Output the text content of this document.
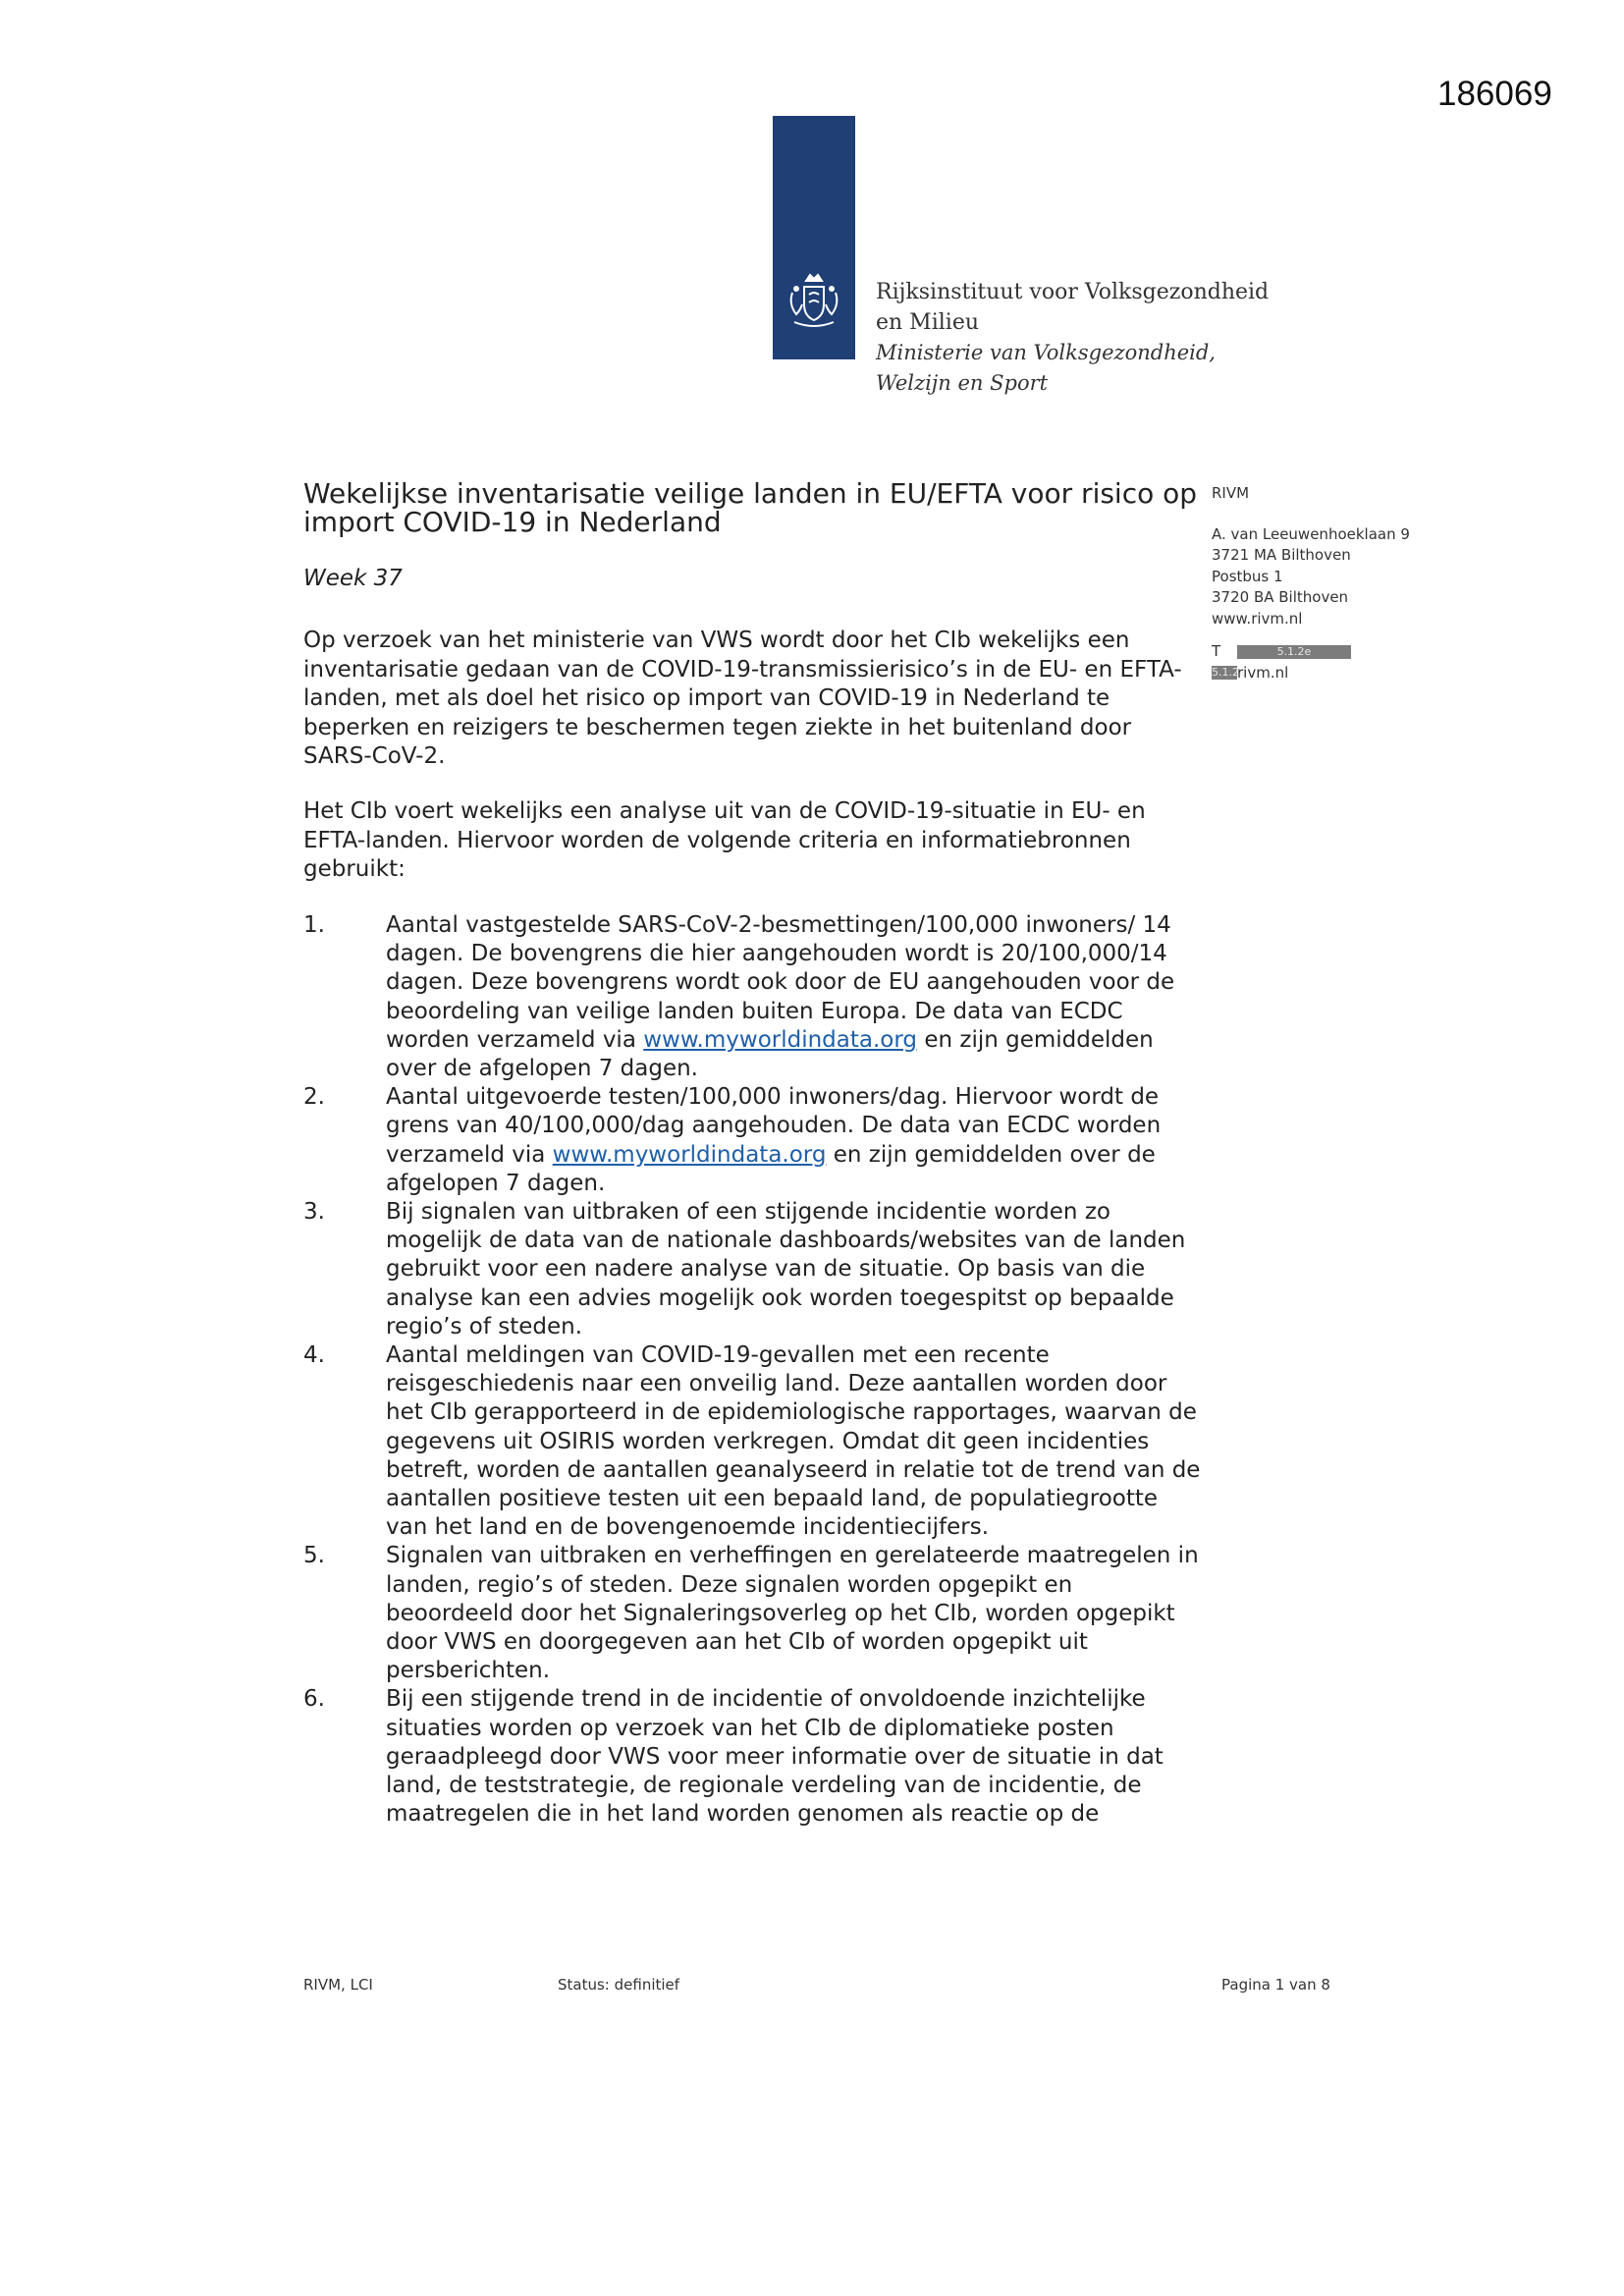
186069
Rijksinstituut voor Volksgezondheid
en Milieu
Ministerie van Volksgezondheid,
Welzijn en Sport
Wekelijkse inventarisatie veilige landen in EU/EFTA voor risico op import COVID-19 in Nederland
Week 37

Op verzoek van het ministerie van VWS wordt door het CIb wekelijks een inventarisatie gedaan van de COVID-19-transmissierisico’s in de EU- en EFTA-landen, met als doel het risico op import van COVID-19 in Nederland te beperken en reizigers te beschermen tegen ziekte in het buitenland door SARS-CoV-2.

Het CIb voert wekelijks een analyse uit van de COVID-19-situatie in EU- en EFTA-landen. Hiervoor worden de volgende criteria en informatiebronnen gebruikt:

1.	Aantal vastgestelde SARS-CoV-2-besmettingen/100,000 inwoners/ 14 dagen. De bovengrens die hier aangehouden wordt is 20/100,000/14 dagen. Deze bovengrens wordt ook door de EU aangehouden voor de beoordeling van veilige landen buiten Europa. De data van ECDC worden verzameld via www.myworldindata.org en zijn gemiddelden over de afgelopen 7 dagen.
2.	Aantal uitgevoerde testen/100,000 inwoners/dag. Hiervoor wordt de grens van 40/100,000/dag aangehouden. De data van ECDC worden verzameld via www.myworldindata.org en zijn gemiddelden over de afgelopen 7 dagen.
3.	Bij signalen van uitbraken of een stijgende incidentie worden zo mogelijk de data van de nationale dashboards/websites van de landen gebruikt voor een nadere analyse van de situatie. Op basis van die analyse kan een advies mogelijk ook worden toegespitst op bepaalde regio’s of steden.
4.	Aantal meldingen van COVID-19-gevallen met een recente reisgeschiedenis naar een onveilig land. Deze aantallen worden door het CIb gerapporteerd in de epidemiologische rapportages, waarvan de gegevens uit OSIRIS worden verkregen. Omdat dit geen incidenties betreft, worden de aantallen geanalyseerd in relatie tot de trend van de aantallen positieve testen uit een bepaald land, de populatiegrootte van het land en de bovengenoemde incidentiecijfers.
5.	Signalen van uitbraken en verheffingen en gerelateerde maatregelen in landen, regio’s of steden. Deze signalen worden opgepikt en beoordeeld door het Signaleringsoverleg op het CIb, worden opgepikt door VWS en doorgegeven aan het CIb of worden opgepikt uit persberichten.
6.	Bij een stijgende trend in de incidentie of onvoldoende inzichtelijke situaties worden op verzoek van het CIb de diplomatieke posten geraadpleegd door VWS voor meer informatie over de situatie in dat land, de teststrategie, de regionale verdeling van de incidentie, de maatregelen die in het land worden genomen als reactie op de
RIVM
A. van Leeuwenhoeklaan 9
3721 MA Bilthoven
Postbus 1
3720 BA Bilthoven
www.rivm.nl
T	5.1.2e
5.1.2erivm.nl
RIVM, LCI	Status: definitief	Pagina 1 van 8
